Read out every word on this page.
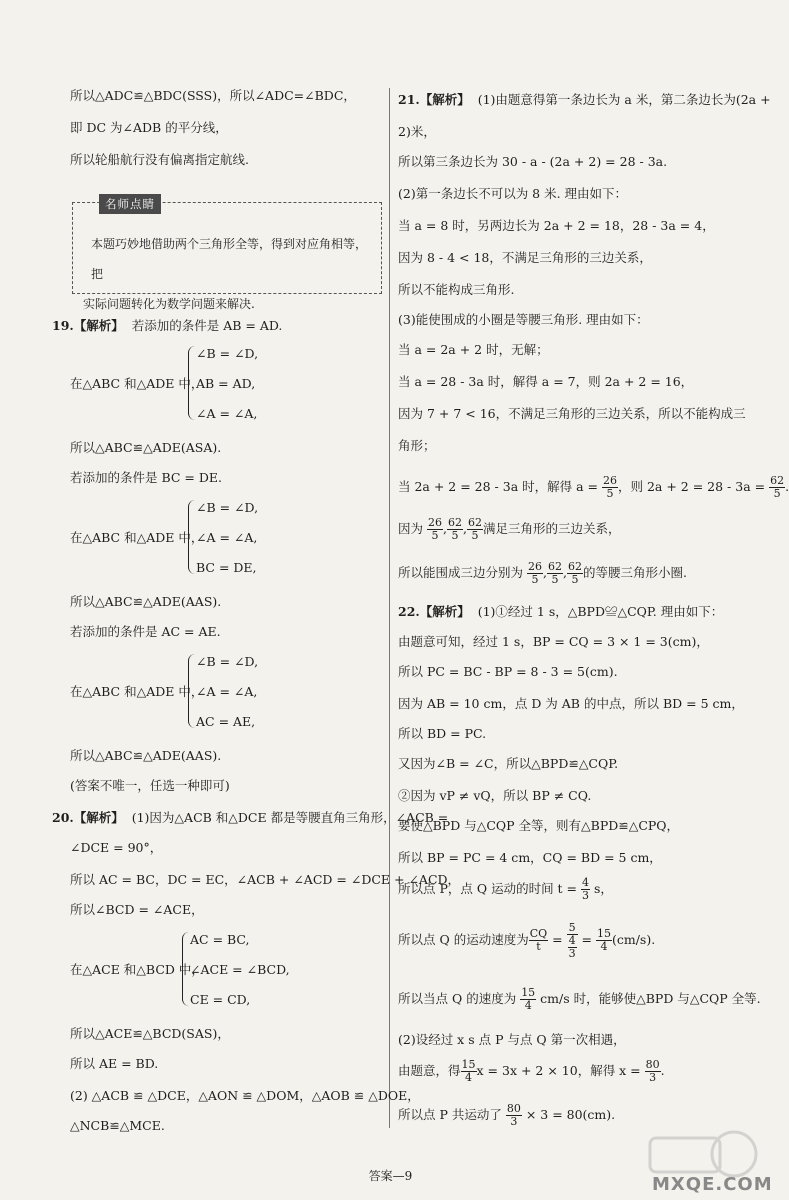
所以△ADC≌△BDC(SSS)，所以∠ADC=∠BDC，
即 DC 为∠ADB 的平分线，
所以轮船航行没有偏离指定航线.
名师点睛
本题巧妙地借助两个三角形全等，得到对应角相等，把
实际问题转化为数学问题来解决.
19.【解析】 若添加的条件是 AB = AD.
在△ABC 和△ADE 中，
∠B = ∠D,
AB = AD,
∠A = ∠A,
所以△ABC≌△ADE(ASA).
若添加的条件是 BC = DE.
在△ABC 和△ADE 中，
∠B = ∠D,
∠A = ∠A,
BC = DE,
所以△ABC≌△ADE(AAS).
若添加的条件是 AC = AE.
在△ABC 和△ADE 中，
∠B = ∠D,
∠A = ∠A,
AC = AE,
所以△ABC≌△ADE(AAS).
(答案不唯一，任选一种即可)
20.【解析】 (1)因为△ACB 和△DCE 都是等腰直角三角形，∠ACB =
∠DCE = 90°，
所以 AC = BC，DC = EC，∠ACB + ∠ACD = ∠DCE + ∠ACD，
所以∠BCD = ∠ACE，
在△ACE 和△BCD 中，
AC = BC,
∠ACE = ∠BCD,
CE = CD,
所以△ACE≌△BCD(SAS)，
所以 AE = BD.
(2) △ACB ≌ △DCE，△AON ≌ △DOM，△AOB ≌ △DOE，
△NCB≌△MCE.
21.【解析】 (1)由题意得第一条边长为 a 米，第二条边长为(2a +
2)米，
所以第三条边长为 30 - a - (2a + 2) = 28 - 3a.
(2)第一条边长不可以为 8 米. 理由如下：
当 a = 8 时，另两边长为 2a + 2 = 18，28 - 3a = 4，
因为 8 - 4 < 18，不满足三角形的三边关系，
所以不能构成三角形.
(3)能使围成的小圈是等腰三角形. 理由如下：
当 a = 2a + 2 时，无解；
当 a = 28 - 3a 时，解得 a = 7，则 2a + 2 = 16，
因为 7 + 7 < 16，不满足三角形的三边关系，所以不能构成三
角形；
当 2a + 2 = 28 - 3a 时，解得 $a = \frac{26}{5}$ ，则 $2a + 2 = 28 - 3a = \frac{62}{5}$ .
因为 $\frac{26}{5}$ , $\frac{62}{5}$ , $\frac{62}{5}$ 满足三角形的三边关系，
所以能围成三边分别为 $\frac{26}{5}$ , $\frac{62}{5}$ , $\frac{62}{5}$ 的等腰三角形小圈.
22.【解析】 (1)①经过 1 s，△BPD≌△CQP. 理由如下：
由题意可知，经过 1 s，BP = CQ = 3 × 1 = 3(cm)，
所以 PC = BC - BP = 8 - 3 = 5(cm).
因为 AB = 10 cm，点 D 为 AB 的中点，所以 BD = 5 cm，
所以 BD = PC.
又因为∠B = ∠C，所以△BPD≌△CQP.
②因为 vP ≠ vQ，所以 BP ≠ CQ.
要使△BPD 与△CQP 全等，则有△BPD≌△CPQ，
所以 BP = PC = 4 cm，CQ = BD = 5 cm，
所以点 P，点 Q 运动的时间 $t = \frac{4}{3}$ s，
所以点 Q 的运动速度为 $\frac{CQ}{t} = \frac{5}{\frac{4}{3}} = \frac{15}{4} (cm/s)$.
所以当点 Q 的速度为 $\frac{15}{4} cm/s$ 时，能够使△BPD 与△CQP 全等.
(2)设经过 x s 点 P 与点 Q 第一次相遇，
由题意，得 $\frac{15}{4}$ x = 3x + 2 × 10，解得 $x = \frac{80}{3}$ .
所以点 P 共运动了 $\frac{80}{3} \times 3 = 80(cm)$.
答案—9	MXQE.COM
